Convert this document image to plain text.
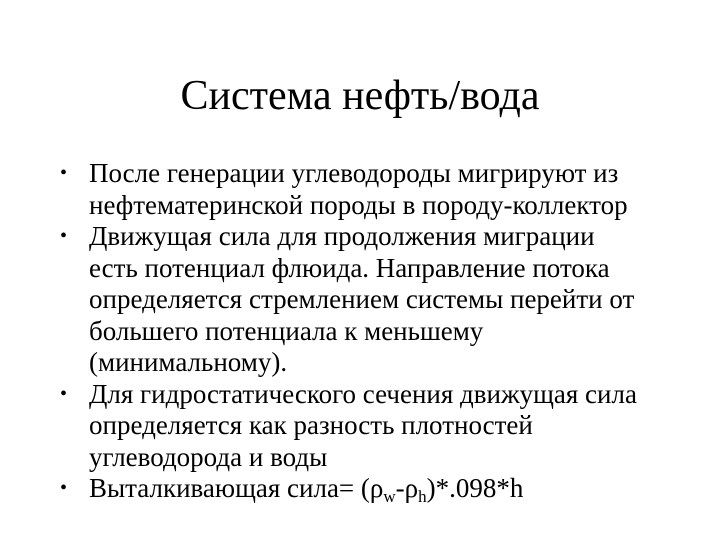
Система нефть/вода
• После генерации углеводороды мигрируют из
нефтематеринской породы в породу-коллектор
• Движущая сила для продолжения миграции
есть потенциал флюида. Направление потока
определяется стремлением системы перейти от
большего потенциала к меньшему
(минимальному).
• Для гидростатического сечения движущая сила
определяется как разность плотностей
углеводорода и воды
• Выталкивающая сила= $(\rho_w-\rho_h)*.098*h$
